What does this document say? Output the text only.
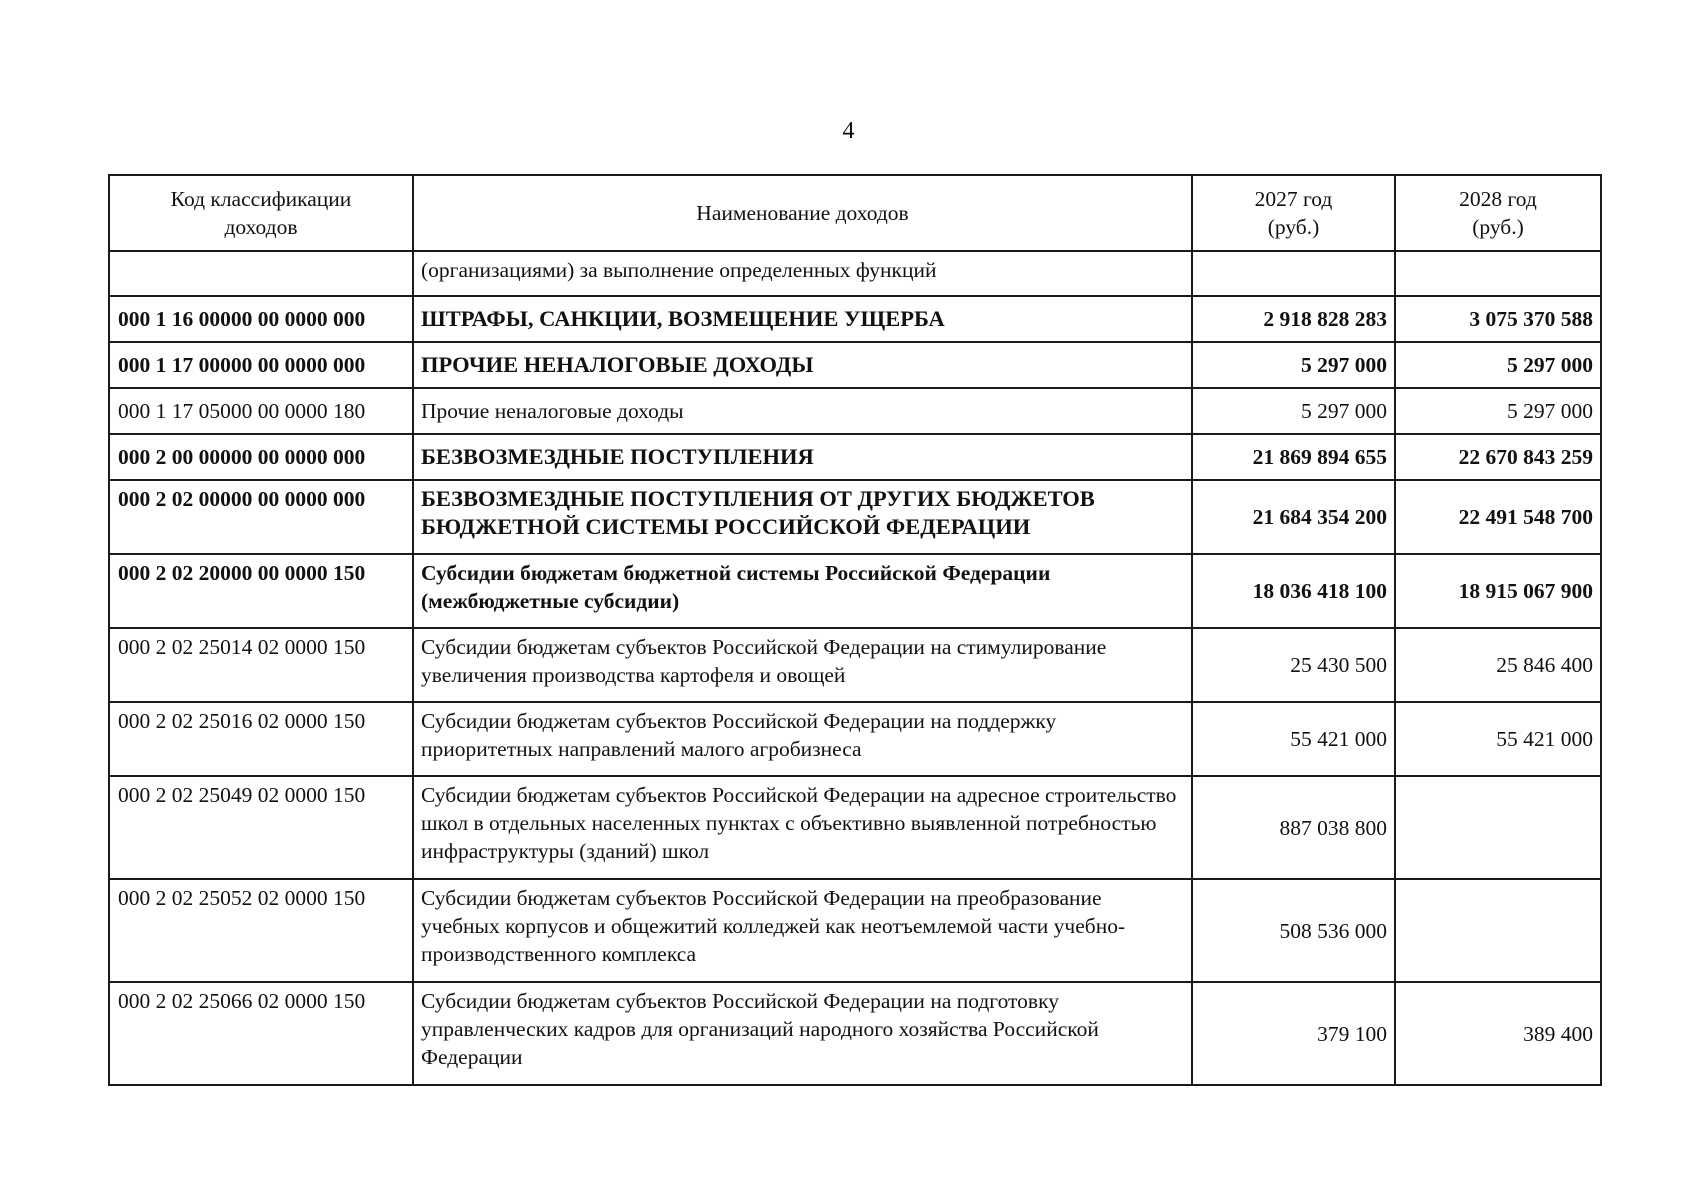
4
Код классификации доходов	Наименование доходов	2027 год (руб.)	2028 год (руб.)
	(организациями) за выполнение определенных функций		
000 1 16 00000 00 0000 000	ШТРАФЫ, САНКЦИИ, ВОЗМЕЩЕНИЕ УЩЕРБА	2 918 828 283	3 075 370 588
000 1 17 00000 00 0000 000	ПРОЧИЕ НЕНАЛОГОВЫЕ ДОХОДЫ	5 297 000	5 297 000
000 1 17 05000 00 0000 180	Прочие неналоговые доходы	5 297 000	5 297 000
000 2 00 00000 00 0000 000	БЕЗВОЗМЕЗДНЫЕ ПОСТУПЛЕНИЯ	21 869 894 655	22 670 843 259
000 2 02 00000 00 0000 000	БЕЗВОЗМЕЗДНЫЕ ПОСТУПЛЕНИЯ ОТ ДРУГИХ БЮДЖЕТОВ БЮДЖЕТНОЙ СИСТЕМЫ РОССИЙСКОЙ ФЕДЕРАЦИИ	21 684 354 200	22 491 548 700
000 2 02 20000 00 0000 150	Субсидии бюджетам бюджетной системы Российской Федерации (межбюджетные субсидии)	18 036 418 100	18 915 067 900
000 2 02 25014 02 0000 150	Субсидии бюджетам субъектов Российской Федерации на стимулирование увеличения производства картофеля и овощей	25 430 500	25 846 400
000 2 02 25016 02 0000 150	Субсидии бюджетам субъектов Российской Федерации на поддержку приоритетных направлений малого агробизнеса	55 421 000	55 421 000
000 2 02 25049 02 0000 150	Субсидии бюджетам субъектов Российской Федерации на адресное строительство школ в отдельных населенных пунктах с объективно выявленной потребностью инфраструктуры (зданий) школ	887 038 800	
000 2 02 25052 02 0000 150	Субсидии бюджетам субъектов Российской Федерации на преобразование учебных корпусов и общежитий колледжей как неотъемлемой части учебно-производственного комплекса	508 536 000	
000 2 02 25066 02 0000 150	Субсидии бюджетам субъектов Российской Федерации на подготовку управленческих кадров для организаций народного хозяйства Российской Федерации	379 100	389 400
